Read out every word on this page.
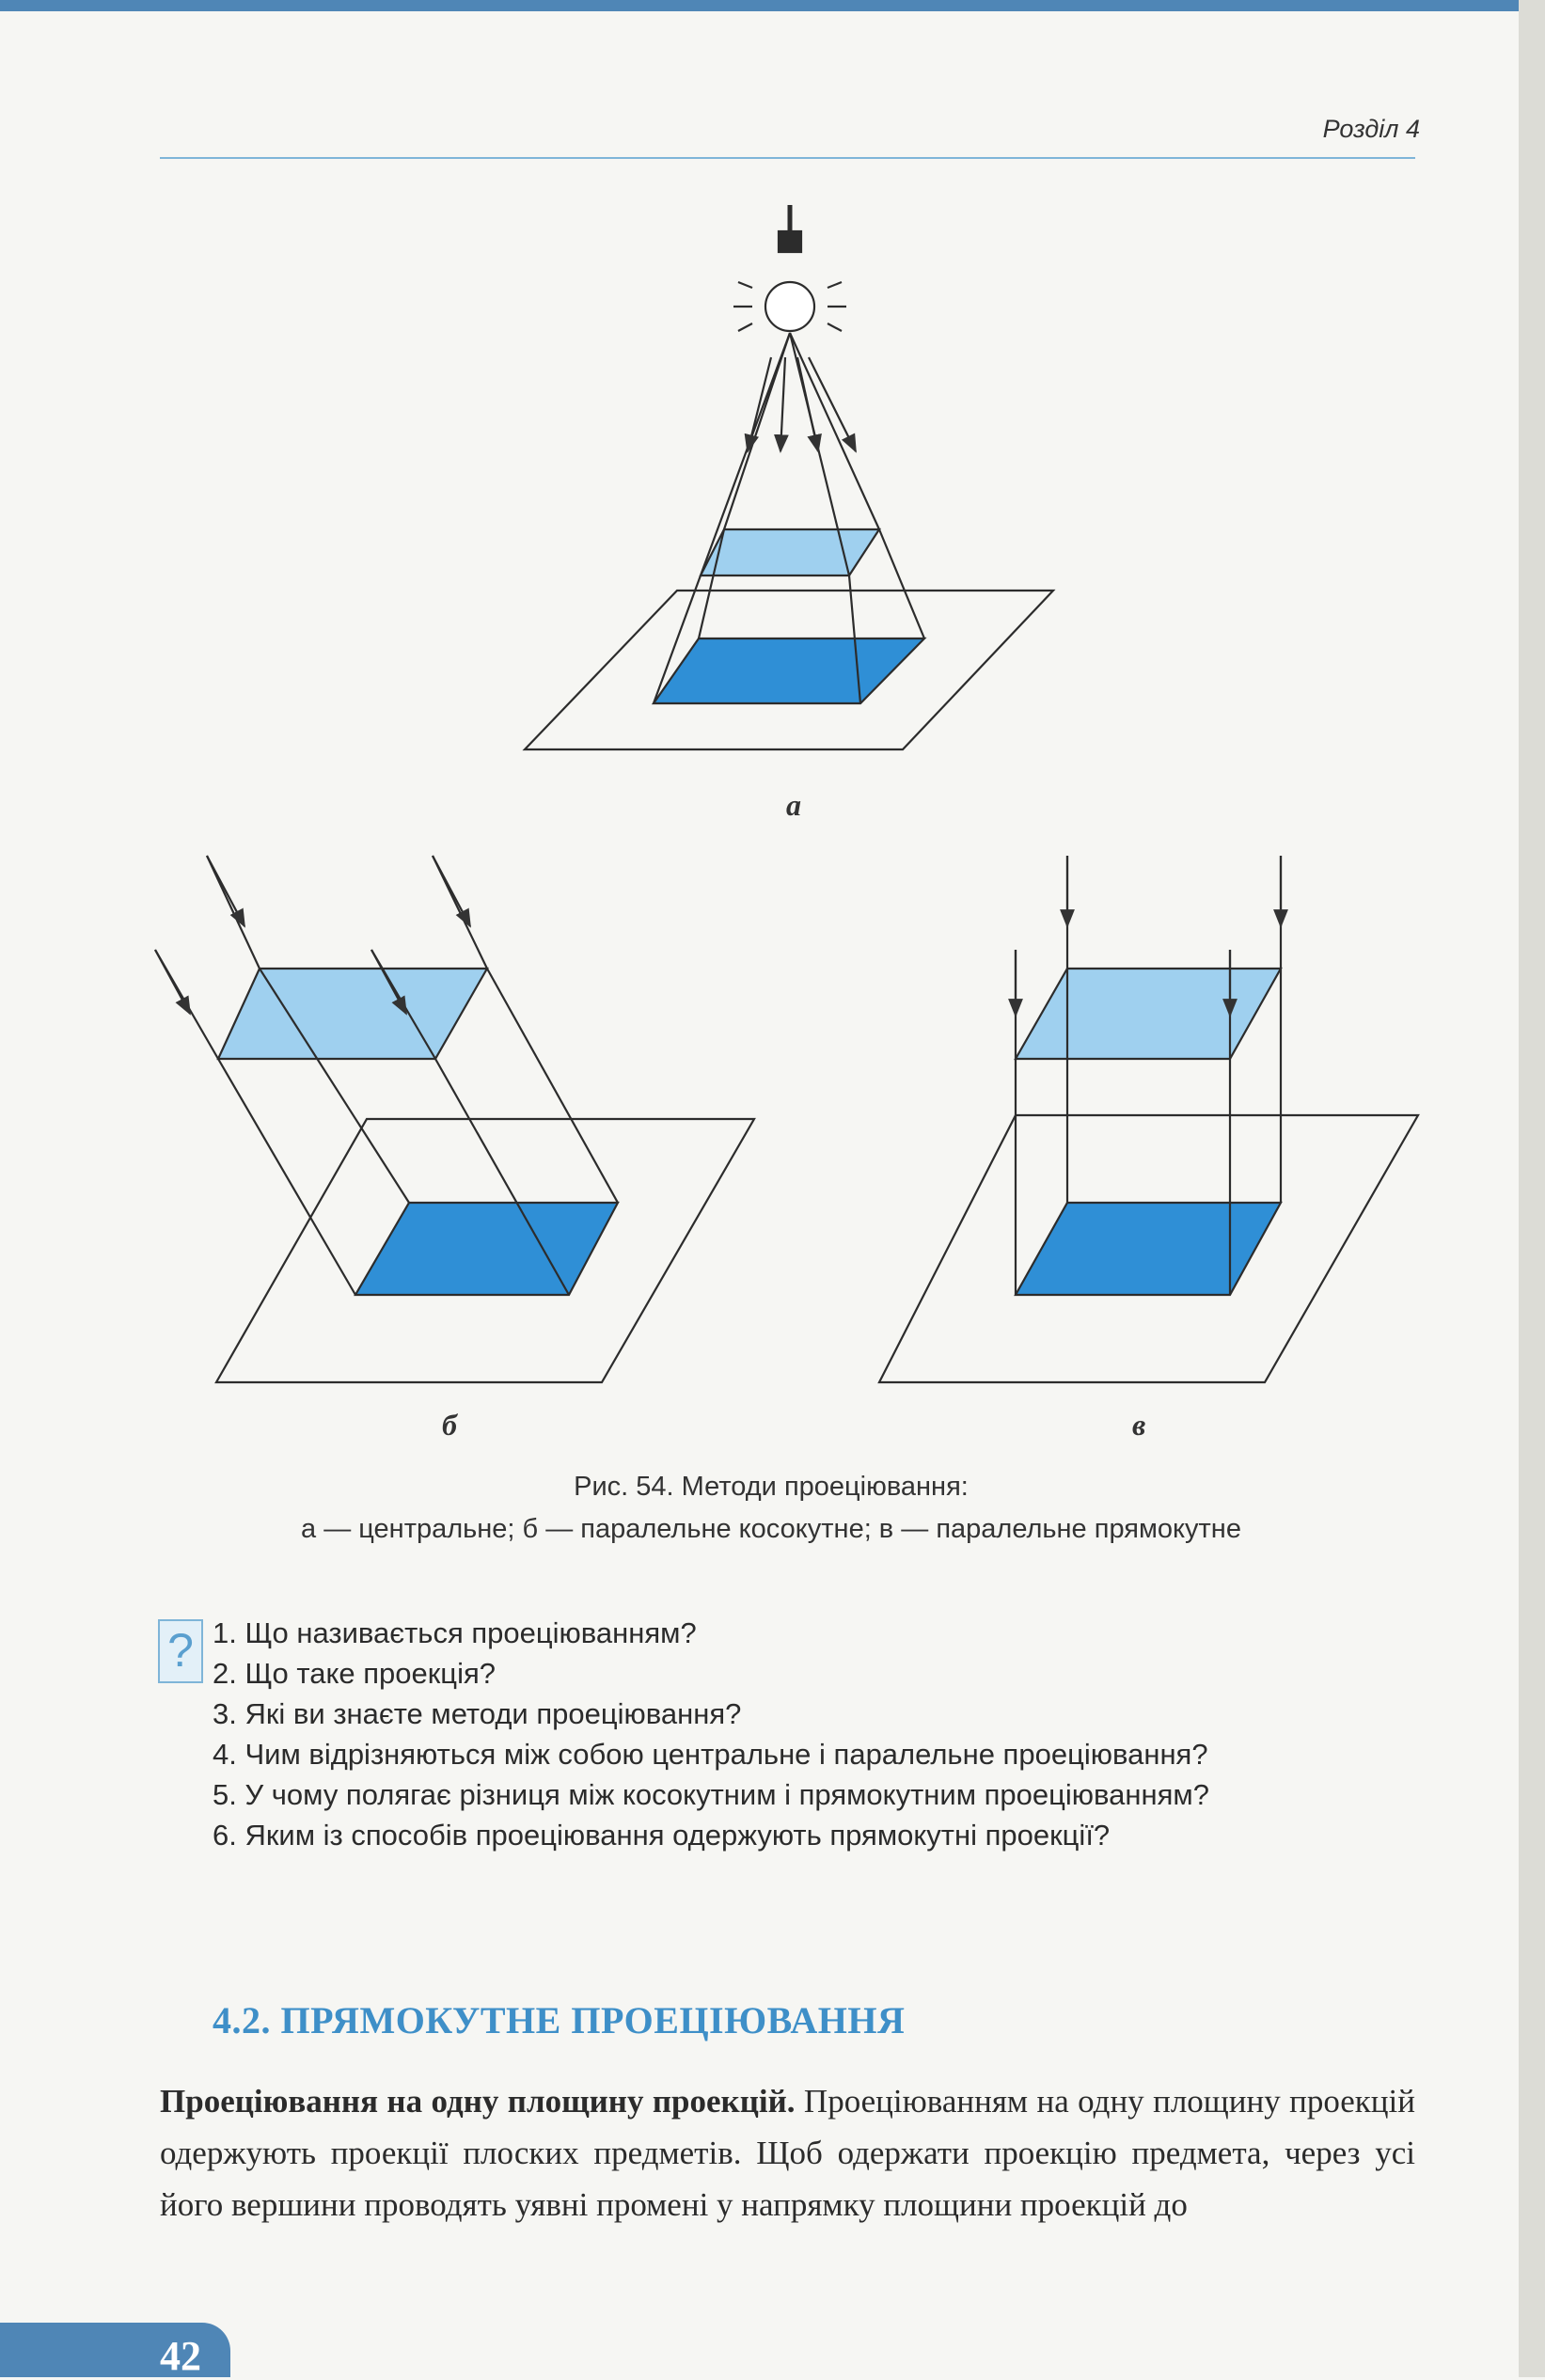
Розділ 4
а
б	в
Рис. 54. Методи проеціювання:
а — центральне; б — паралельне косокутне; в — паралельне прямокутне
? 1. Що називається проеціюванням?

2. Що таке проекція?

3. Які ви знаєте методи проеціювання?

4. Чим відрізняються між собою центральне і паралельне проеціювання?

5. У чому полягає різниця між косокутним і прямокутним проеціюванням?

6. Яким із способів проеціювання одержують прямокутні проекції?

4.2. ПРЯМОКУТНЕ ПРОЕЦІЮВАННЯ
Проеціювання на одну площину проекцій. Проеціюванням на одну площину проекцій одержують проекції плоских предметів. Щоб одержати проекцію предмета, через усі його вершини проводять уявні промені у напрямку площини проекцій до
42
